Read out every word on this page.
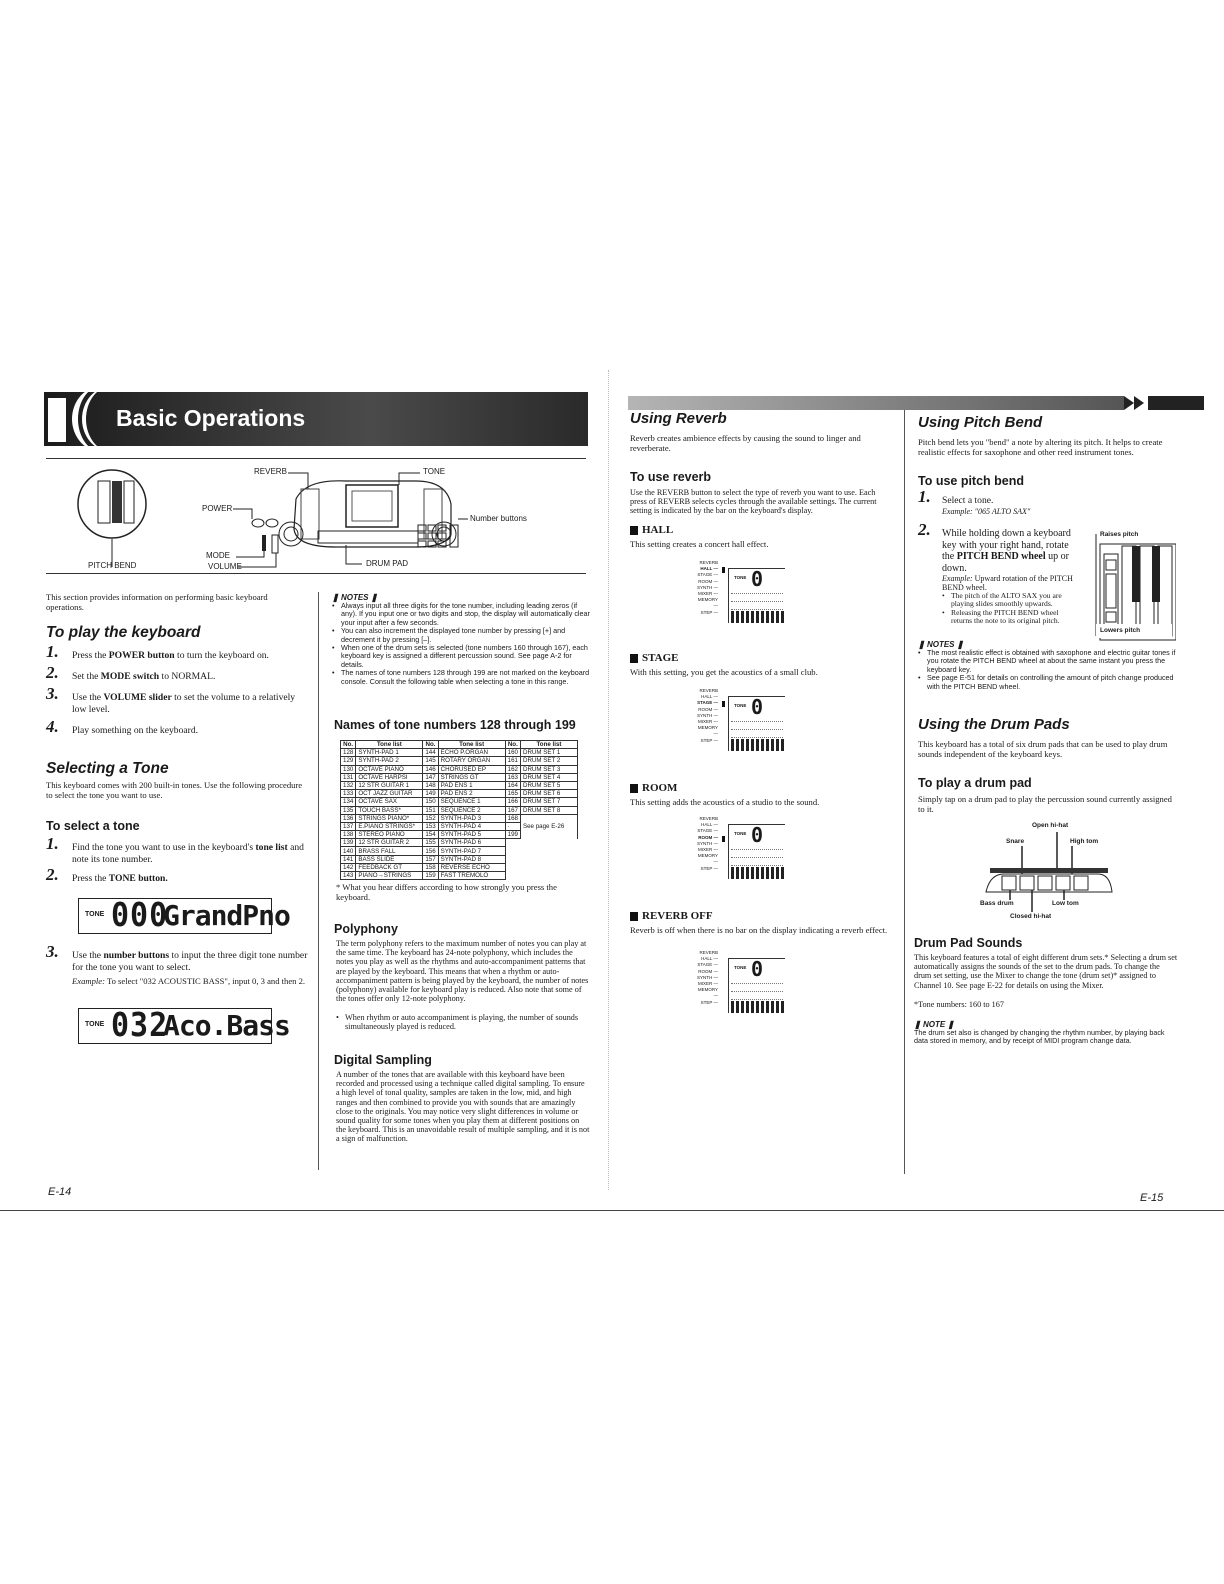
Basic Operations
REVERB	TONE
POWER
Number buttons
MODE
VOLUME	DRUM PAD
PITCH BEND
This section provides information on performing basic keyboard operations.
To play the keyboard
1. Press the POWER button to turn the keyboard on.
2. Set the MODE switch to NORMAL.
3. Use the VOLUME slider to set the volume to a relatively low level.
4. Play something on the keyboard.
Selecting a Tone
This keyboard comes with 200 built-in tones. Use the following procedure to select the tone you want to use.
To select a tone
1. Find the tone you want to use in the keyboard's tone list and note its tone number.
2. Press the TONE button.
TONE 000
GrandPno
3. Use the number buttons to input the three digit tone number for the tone you want to select.
Example: To select "032 ACOUSTIC BASS", input 0, 3 and then 2.
TONE 032
Aco.Bass
E-14
❚ NOTES ❚
• Always input all three digits for the tone number, including leading zeros (if any). If you input one or two digits and stop, the display will automatically clear your input after a few seconds.
• You can also increment the displayed tone number by pressing [+] and decrement it by pressing [–].
• When one of the drum sets is selected (tone numbers 160 through 167), each keyboard key is assigned a different percussion sound. See page A-2 for details.
• The names of tone numbers 128 through 199 are not marked on the keyboard console. Consult the following table when selecting a tone in this range.
Names of tone numbers 128 through 199
No.	Tone list	No.	Tone list	No.	Tone list
128	SYNTH-PAD 1	144	ECHO P.ORGAN	160	DRUM SET 1
129	SYNTH-PAD 2	145	ROTARY ORGAN	161	DRUM SET 2
130	OCTAVE PIANO	146	CHORUSED EP	162	DRUM SET 3
131	OCTAVE HARPSI	147	STRINGS GT	163	DRUM SET 4
132	12 STR GUITAR 1	148	PAD ENS 1	164	DRUM SET 5
133	OCT JAZZ GUITAR	149	PAD ENS 2	165	DRUM SET 6
134	OCTAVE SAX	150	SEQUENCE 1	166	DRUM SET 7
135	TOUCH BASS*	151	SEQUENCE 2	167	DRUM SET 8
136	STRINGS PIANO*	152	SYNTH-PAD 3	168	
137	E.PIANO STRINGS*	153	SYNTH-PAD 4	·	See page E-26
138	STEREO PIANO	154	SYNTH-PAD 5	199	
139	12 STR GUITAR 2	155	SYNTH-PAD 6		
140	BRASS FALL	156	SYNTH-PAD 7		
141	BASS SLIDE	157	SYNTH-PAD 8		
142	FEEDBACK GT	158	REVERSE ECHO		
143	PIANO→STRINGS	159	FAST TREMOLO		
* What you hear differs according to how strongly you press the keyboard.
Polyphony
The term polyphony refers to the maximum number of notes you can play at the same time. The keyboard has 24-note polyphony, which includes the notes you play as well as the rhythms and auto-accompaniment patterns that are played by the keyboard. This means that when a rhythm or auto-accompaniment pattern is being played by the keyboard, the number of notes (polyphony) available for keyboard play is reduced. Also note that some of the tones offer only 12-note polyphony.
• When rhythm or auto accompaniment is playing, the number of sounds simultaneously played is reduced.
Digital Sampling
A number of the tones that are available with this keyboard have been recorded and processed using a technique called digital sampling. To ensure a high level of tonal quality, samples are taken in the low, mid, and high ranges and then combined to provide you with sounds that are amazingly close to the originals. You may notice very slight differences in volume or sound quality for some tones when you play them at different positions on the keyboard. This is an unavoidable result of multiple sampling, and it is not a sign of malfunction.
Using Reverb
Reverb creates ambience effects by causing the sound to linger and reverberate.
To use reverb
Use the REVERB button to select the type of reverb you want to use. Each press of REVERB selects cycles through the available settings. The current setting is indicated by the bar on the keyboard's display.
HALL
This setting creates a concert hall effect.
STAGE
With this setting, you get the acoustics of a small club.
ROOM
This setting adds the acoustics of a studio to the sound.
REVERB OFF
Reverb is off when there is no bar on the display indicating a reverb effect.
REVERB
HALL —
STAGE —
ROOM —
SYNTH —
MIXER —
MEMORY —
STEP —
TONE 0
REVERB
HALL —
STAGE —
ROOM —
SYNTH —
MIXER —
MEMORY —
STEP —
TONE 0
REVERB
HALL —
STAGE —
ROOM —
SYNTH —
MIXER —
MEMORY —
STEP —
TONE 0
REVERB
HALL —
STAGE —
ROOM —
SYNTH —
MIXER —
MEMORY —
STEP —
TONE 0
Using Pitch Bend
Pitch bend lets you "bend" a note by altering its pitch. It helps to create realistic effects for saxophone and other reed instrument tones.
To use pitch bend
1. Select a tone.
Example: "065 ALTO SAX"
2. While holding down a keyboard key with your right hand, rotate the PITCH BEND wheel up or down.
Example: Upward rotation of the PITCH BEND wheel.
• The pitch of the ALTO SAX you are playing slides smoothly upwards.
• Releasing the PITCH BEND wheel returns the note to its original pitch.
Raises pitch
Lowers pitch
❚ NOTES ❚
• The most realistic effect is obtained with saxophone and electric guitar tones if you rotate the PITCH BEND wheel at about the same instant you press the keyboard key.
• See page E-51 for details on controlling the amount of pitch change produced with the PITCH BEND wheel.
Using the Drum Pads
This keyboard has a total of six drum pads that can be used to play drum sounds independent of the keyboard keys.
To play a drum pad
Simply tap on a drum pad to play the percussion sound currently assigned to it.
Open hi-hat
Snare	High tom
Bass drum	Low tom
Closed hi-hat
Drum Pad Sounds
This keyboard features a total of eight different drum sets.* Selecting a drum set automatically assigns the sounds of the set to the drum pads. To change the drum set setting, use the Mixer to change the tone (drum set)* assigned to Channel 10. See page E-22 for details on using the Mixer.
*Tone numbers: 160 to 167
❚ NOTE ❚
The drum set also is changed by changing the rhythm number, by playing back data stored in memory, and by receipt of MIDI program change data.
E-15
